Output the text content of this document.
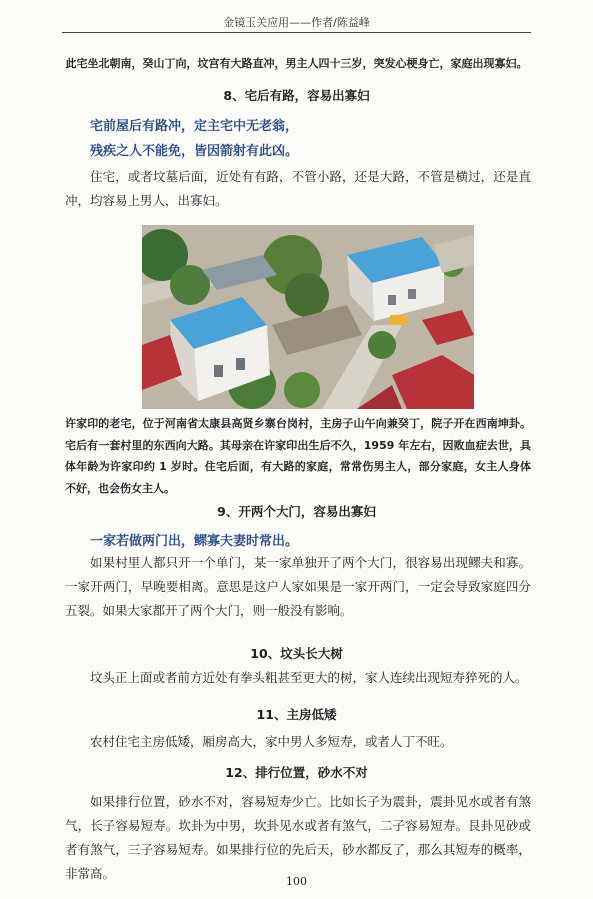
金镜玉关应用——作者/陈益峰
此宅坐北朝南，癸山丁向，坟宫有大路直冲，男主人四十三岁，突发心梗身亡，家庭出现寡妇。
8、宅后有路，容易出寡妇
宅前屋后有路冲，定主宅中无老翁，
残疾之人不能免，皆因箭射有此凶。
住宅，或者坟墓后面，近处有有路，不管小路，还是大路，不管是横过，还是直冲，均容易上男人，出寡妇。
许家印的老宅，位于河南省太康县高贤乡寨台岗村，主房子山午向兼癸丁，院子开在西南坤卦。宅后有一套村里的东西向大路。其母亲在许家印出生后不久，1959 年左右，因败血症去世，具体年龄为许家印约 1 岁时。住宅后面，有大路的家庭，常常伤男主人，部分家庭，女主人身体不好，也会伤女主人。
9、开两个大门，容易出寡妇
一家若做两门出，鳏寡夫妻时常出。
如果村里人都只开一个单门，某一家单独开了两个大门，很容易出现鳏夫和寡。一家开两门，早晚要相离。意思是这户人家如果是一家开两门，一定会导致家庭四分五裂。如果大家都开了两个大门，则一般没有影响。
10、坟头长大树
坟头正上面或者前方近处有拳头粗甚至更大的树，家人连续出现短寿猝死的人。
11、主房低矮
农村住宅主房低矮，厢房高大，家中男人多短寿，或者人丁不旺。
12、排行位置，砂水不对
如果排行位置，砂水不对，容易短寿少亡。比如长子为震卦，震卦见水或者有煞气，长子容易短寿。坎卦为中男，坎卦见水或者有煞气，二子容易短寿。艮卦见砂或者有煞气，三子容易短寿。如果排行位的先后天，砂水都反了，那么其短寿的概率，非常高。
100
